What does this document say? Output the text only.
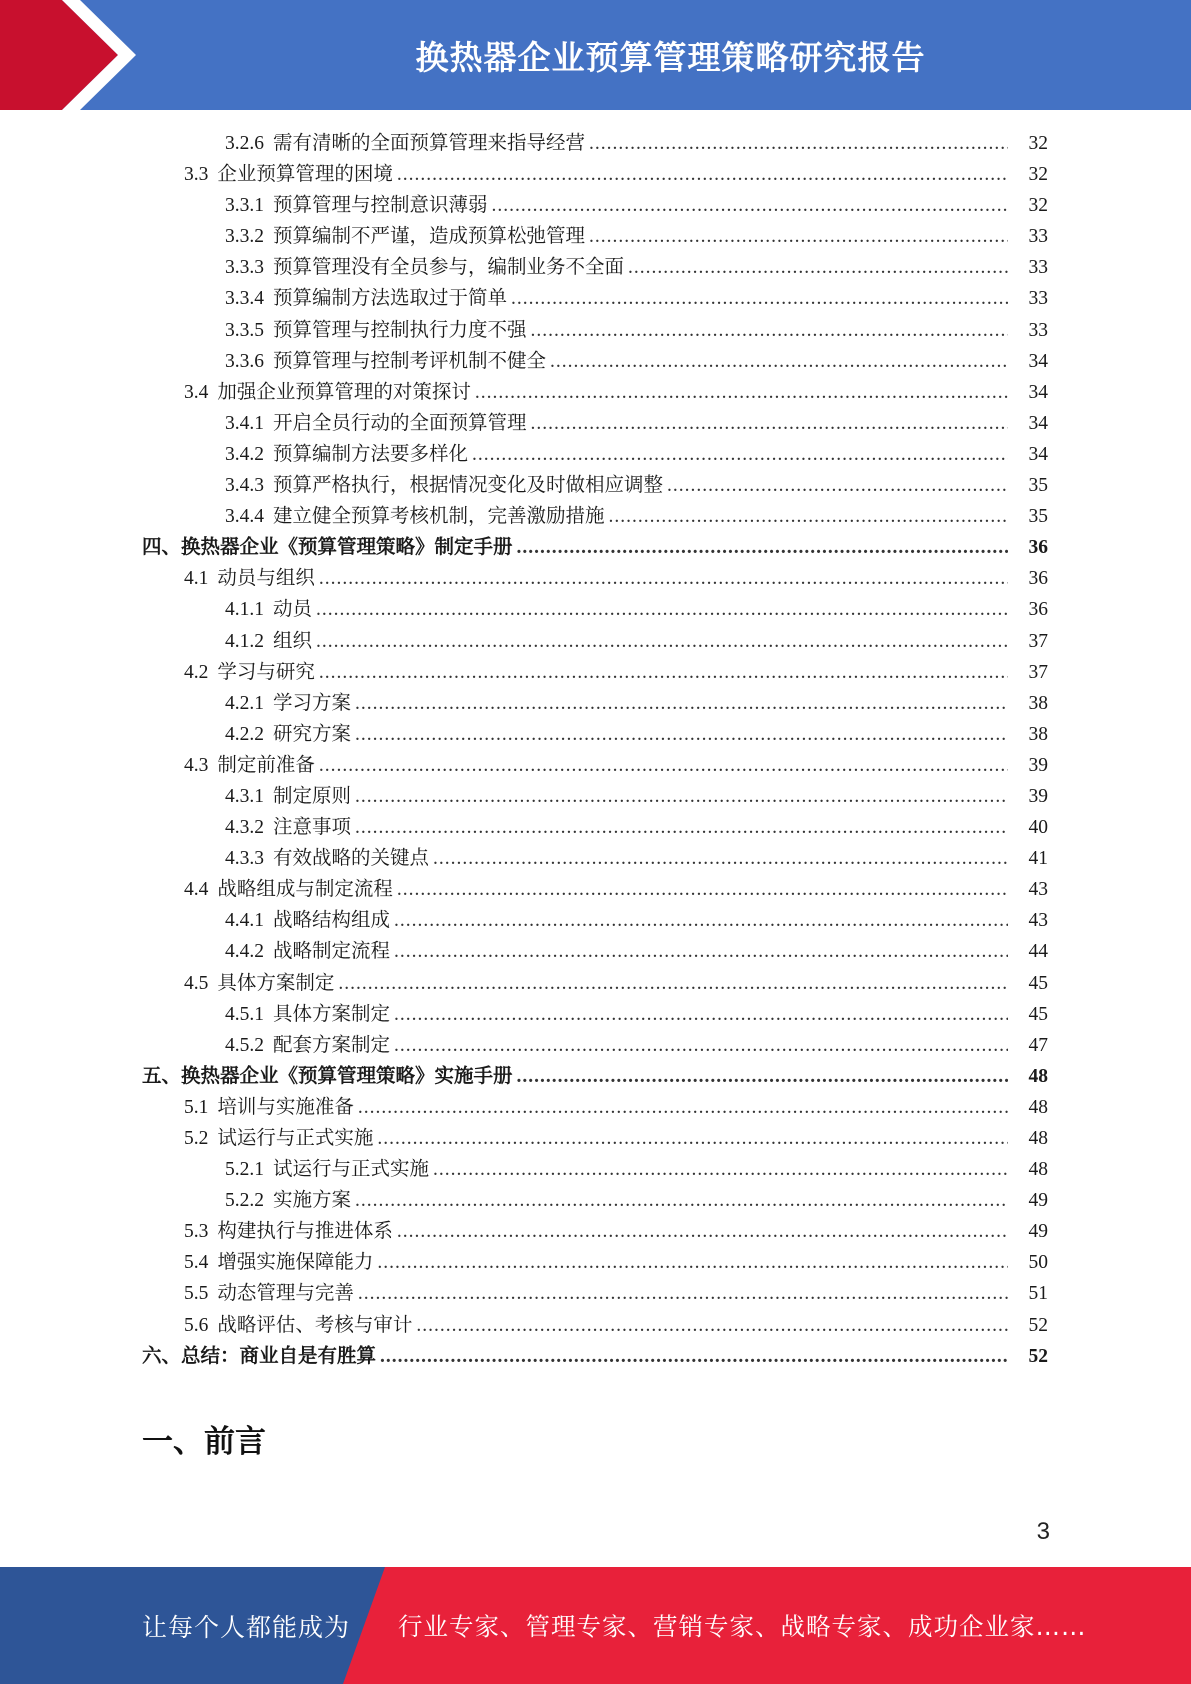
换热器企业预算管理策略研究报告
3.2.6 需有清晰的全面预算管理来指导经营 .....	32
3.3 企业预算管理的困境 .....	32
3.3.1 预算管理与控制意识薄弱 .....	32
3.3.2 预算编制不严谨，造成预算松弛管理 .....	33
3.3.3 预算管理没有全员参与，编制业务不全面 .....	33
3.3.4 预算编制方法选取过于简单 .....	33
3.3.5 预算管理与控制执行力度不强 .....	33
3.3.6 预算管理与控制考评机制不健全 .....	34
3.4 加强企业预算管理的对策探讨 .....	34
3.4.1 开启全员行动的全面预算管理 .....	34
3.4.2 预算编制方法要多样化 .....	34
3.4.3 预算严格执行，根据情况变化及时做相应调整 .....	35
3.4.4 建立健全预算考核机制，完善激励措施 .....	35
四、 换热器企业《预算管理策略》制定手册 .....	36
4.1 动员与组织 .....	36
4.1.1 动员 .....	36
4.1.2 组织 .....	37
4.2 学习与研究 .....	37
4.2.1 学习方案 .....	38
4.2.2 研究方案 .....	38
4.3 制定前准备 .....	39
4.3.1 制定原则 .....	39
4.3.2 注意事项 .....	40
4.3.3 有效战略的关键点 .....	41
4.4 战略组成与制定流程 .....	43
4.4.1 战略结构组成 .....	43
4.4.2 战略制定流程 .....	44
4.5 具体方案制定 .....	45
4.5.1 具体方案制定 .....	45
4.5.2 配套方案制定 .....	47
五、 换热器企业《预算管理策略》实施手册 .....	48
5.1 培训与实施准备 .....	48
5.2 试运行与正式实施 .....	48
5.2.1 试运行与正式实施 .....	48
5.2.2 实施方案 .....	49
5.3 构建执行与推进体系 .....	49
5.4 增强实施保障能力 .....	50
5.5 动态管理与完善 .....	51
5.6 战略评估、考核与审计 .....	52
六、 总结：商业自是有胜算 .....	52
一、前言
3
让每个人都能成为 行业专家、管理专家、营销专家、战略专家、成功企业家……
